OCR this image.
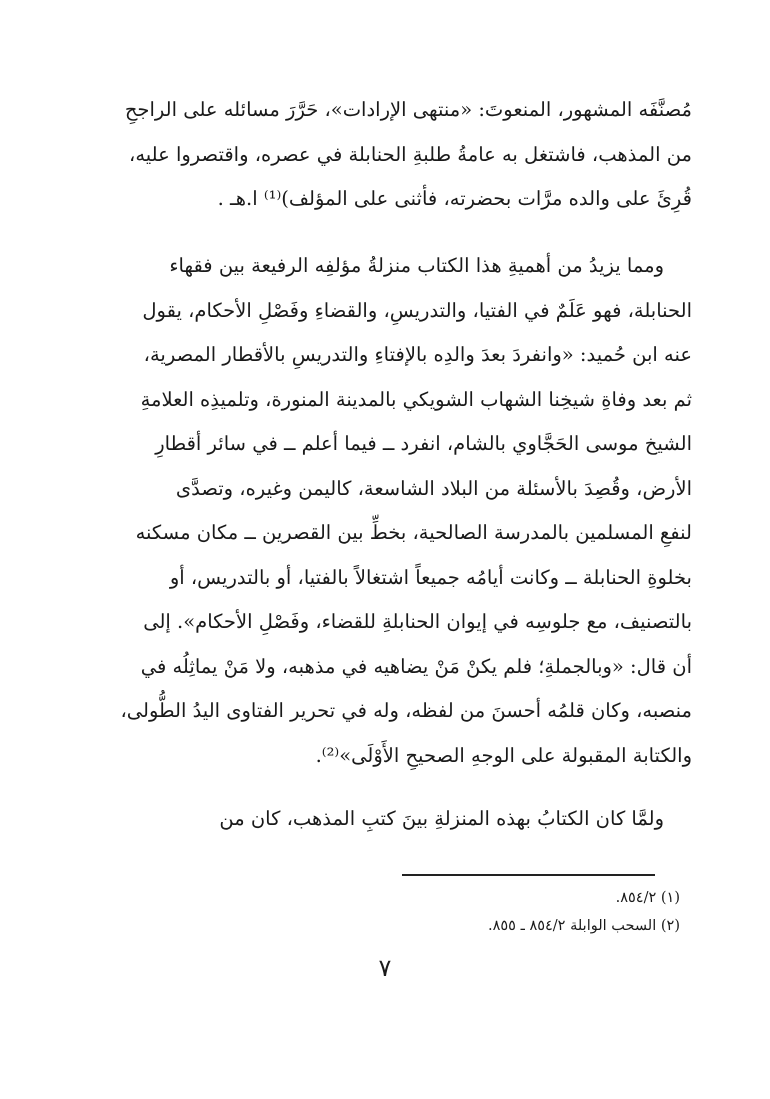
مُصنَّفَه المشهور، المنعوتَ: «منتهى الإرادات»، حَرَّرَ مسائله على الراجحِ
من المذهب، فاشتغل به عامةُ طلبةِ الحنابلة في عصره، واقتصروا عليه،
قُرِئَ على والده مرَّات بحضرته، فأثنى على المؤلف)⁽¹⁾ ا.هـ .
ومما يزيدُ من أهميةِ هذا الكتاب منزلةُ مؤلفِه الرفيعة بين فقهاء
الحنابلة، فهو عَلَمٌ في الفتيا، والتدريسِ، والقضاءِ وفَصْلِ الأحكام، يقول
عنه ابن حُميد: «وانفردَ بعدَ والدِه بالإفتاءِ والتدريسِ بالأقطار المصرية،
ثم بعد وفاةِ شيخِنا الشهاب الشويكي بالمدينة المنورة، وتلميذِه العلامةِ
الشيخ موسى الحَجَّاوي بالشام، انفرد ــ فيما أعلم ــ في سائر أقطارِ
الأرض، وقُصِدَ بالأسئلة من البلاد الشاسعة، كاليمن وغيره، وتصدَّى
لنفعِ المسلمين بالمدرسة الصالحية، بخطِّ بين القصرين ــ مكان مسكنه
بخلوةِ الحنابلة ــ وكانت أيامُه جميعاً اشتغالاً بالفتيا، أو بالتدريس، أو
بالتصنيف، مع جلوسِه في إيوان الحنابلةِ للقضاء، وفَصْلِ الأحكام». إلى
أن قال: «وبالجملةِ؛ فلم يكنْ مَنْ يضاهيه في مذهبه، ولا مَنْ يماثِلُه في
منصبه، وكان قلمُه أحسنَ من لفظه، وله في تحرير الفتاوى اليدُ الطُّولى،
والكتابة المقبولة على الوجهِ الصحيحِ الأَوْلَى»⁽²⁾.
ولمَّا كان الكتابُ بهذه المنزلةِ بينَ كتبِ المذهب، كان من
(١) ٨٥٤/٢.
(٢) السحب الوابلة ٨٥٤/٢ ـ ٨٥٥.
٧
